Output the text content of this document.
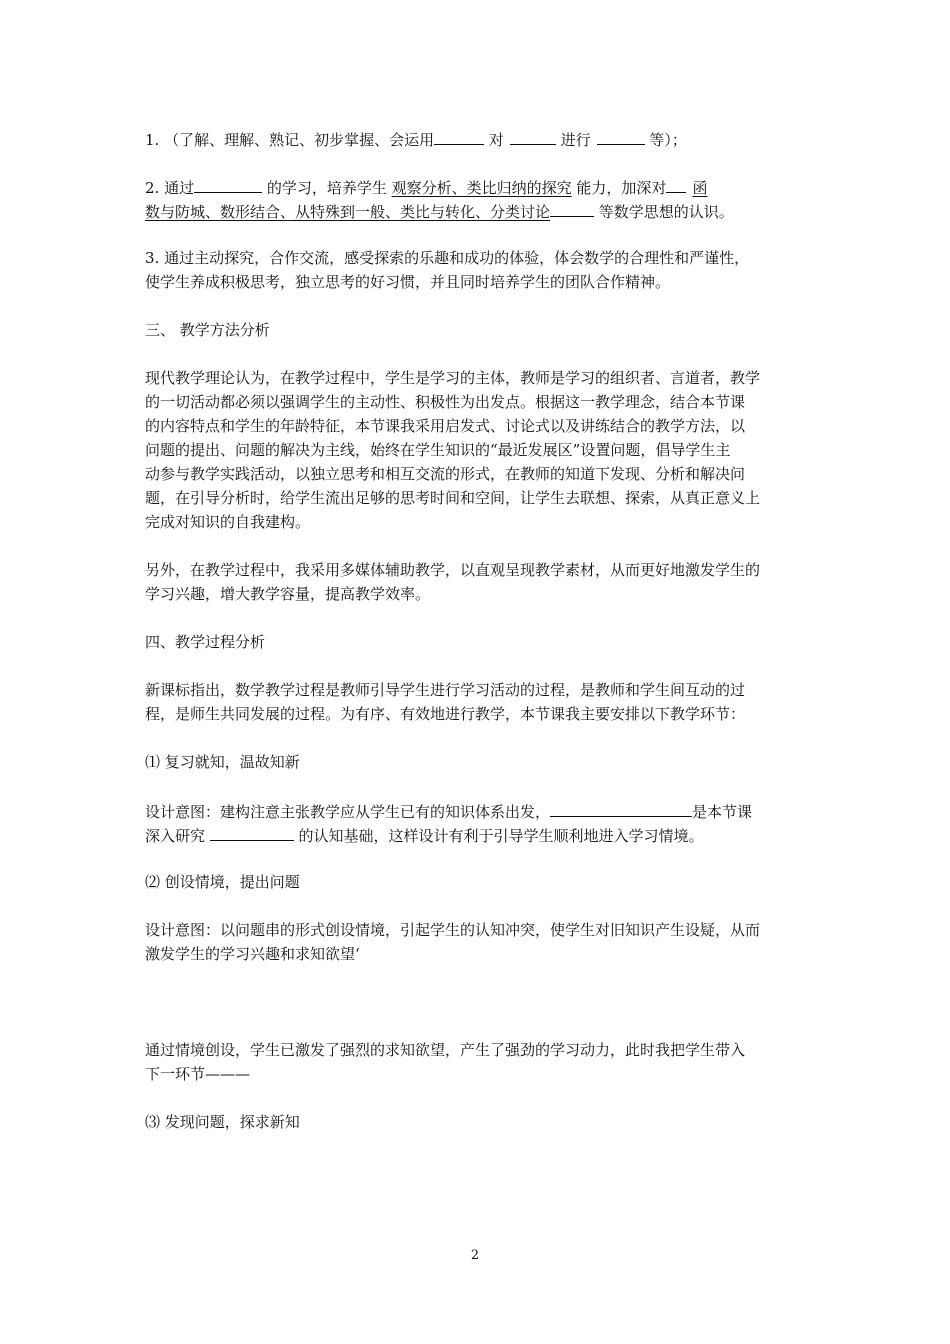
1. （了解、理解、熟记、初步掌握、会运用	对	进行	等）；
2. 通过	的学习，培养学生 观察分析、类比归纳的探究 能力，加深对 函
数与防城、数形结合、从特殊到一般、类比与转化、分类讨论	等数学思想的认识。
3. 通过主动探究，合作交流，感受探索的乐趣和成功的体验，体会数学的合理性和严谨性，
使学生养成积极思考，独立思考的好习惯，并且同时培养学生的团队合作精神。
三、 教学方法分析
现代教学理论认为，在教学过程中，学生是学习的主体，教师是学习的组织者、言道者，教学
的一切活动都必须以强调学生的主动性、积极性为出发点。根据这一教学理念，结合本节课
的内容特点和学生的年龄特征，本节课我采用启发式、讨论式以及讲练结合的教学方法，以
问题的提出、问题的解决为主线，始终在学生知识的“最近发展区”设置问题，倡导学生主
动参与教学实践活动，以独立思考和相互交流的形式，在教师的知道下发现、分析和解决问
题，在引导分析时，给学生流出足够的思考时间和空间，让学生去联想、探索，从真正意义上
完成对知识的自我建构。
另外，在教学过程中，我采用多媒体辅助教学，以直观呈现教学素材，从而更好地激发学生的
学习兴趣，增大教学容量，提高教学效率。
四、教学过程分析
新课标指出，数学教学过程是教师引导学生进行学习活动的过程，是教师和学生间互动的过
程，是师生共同发展的过程。为有序、有效地进行教学，本节课我主要安排以下教学环节：
⑴ 复习就知，温故知新
设计意图：建构注意主张教学应从学生已有的知识体系出发，	是本节课
深入研究	的认知基础，这样设计有利于引导学生顺利地进入学习情境。
⑵ 创设情境，提出问题
设计意图：以问题串的形式创设情境，引起学生的认知冲突，使学生对旧知识产生设疑，从而
激发学生的学习兴趣和求知欲望‘
通过情境创设，学生已激发了强烈的求知欲望，产生了强劲的学习动力，此时我把学生带入
下一环节———
⑶ 发现问题，探求新知
2
